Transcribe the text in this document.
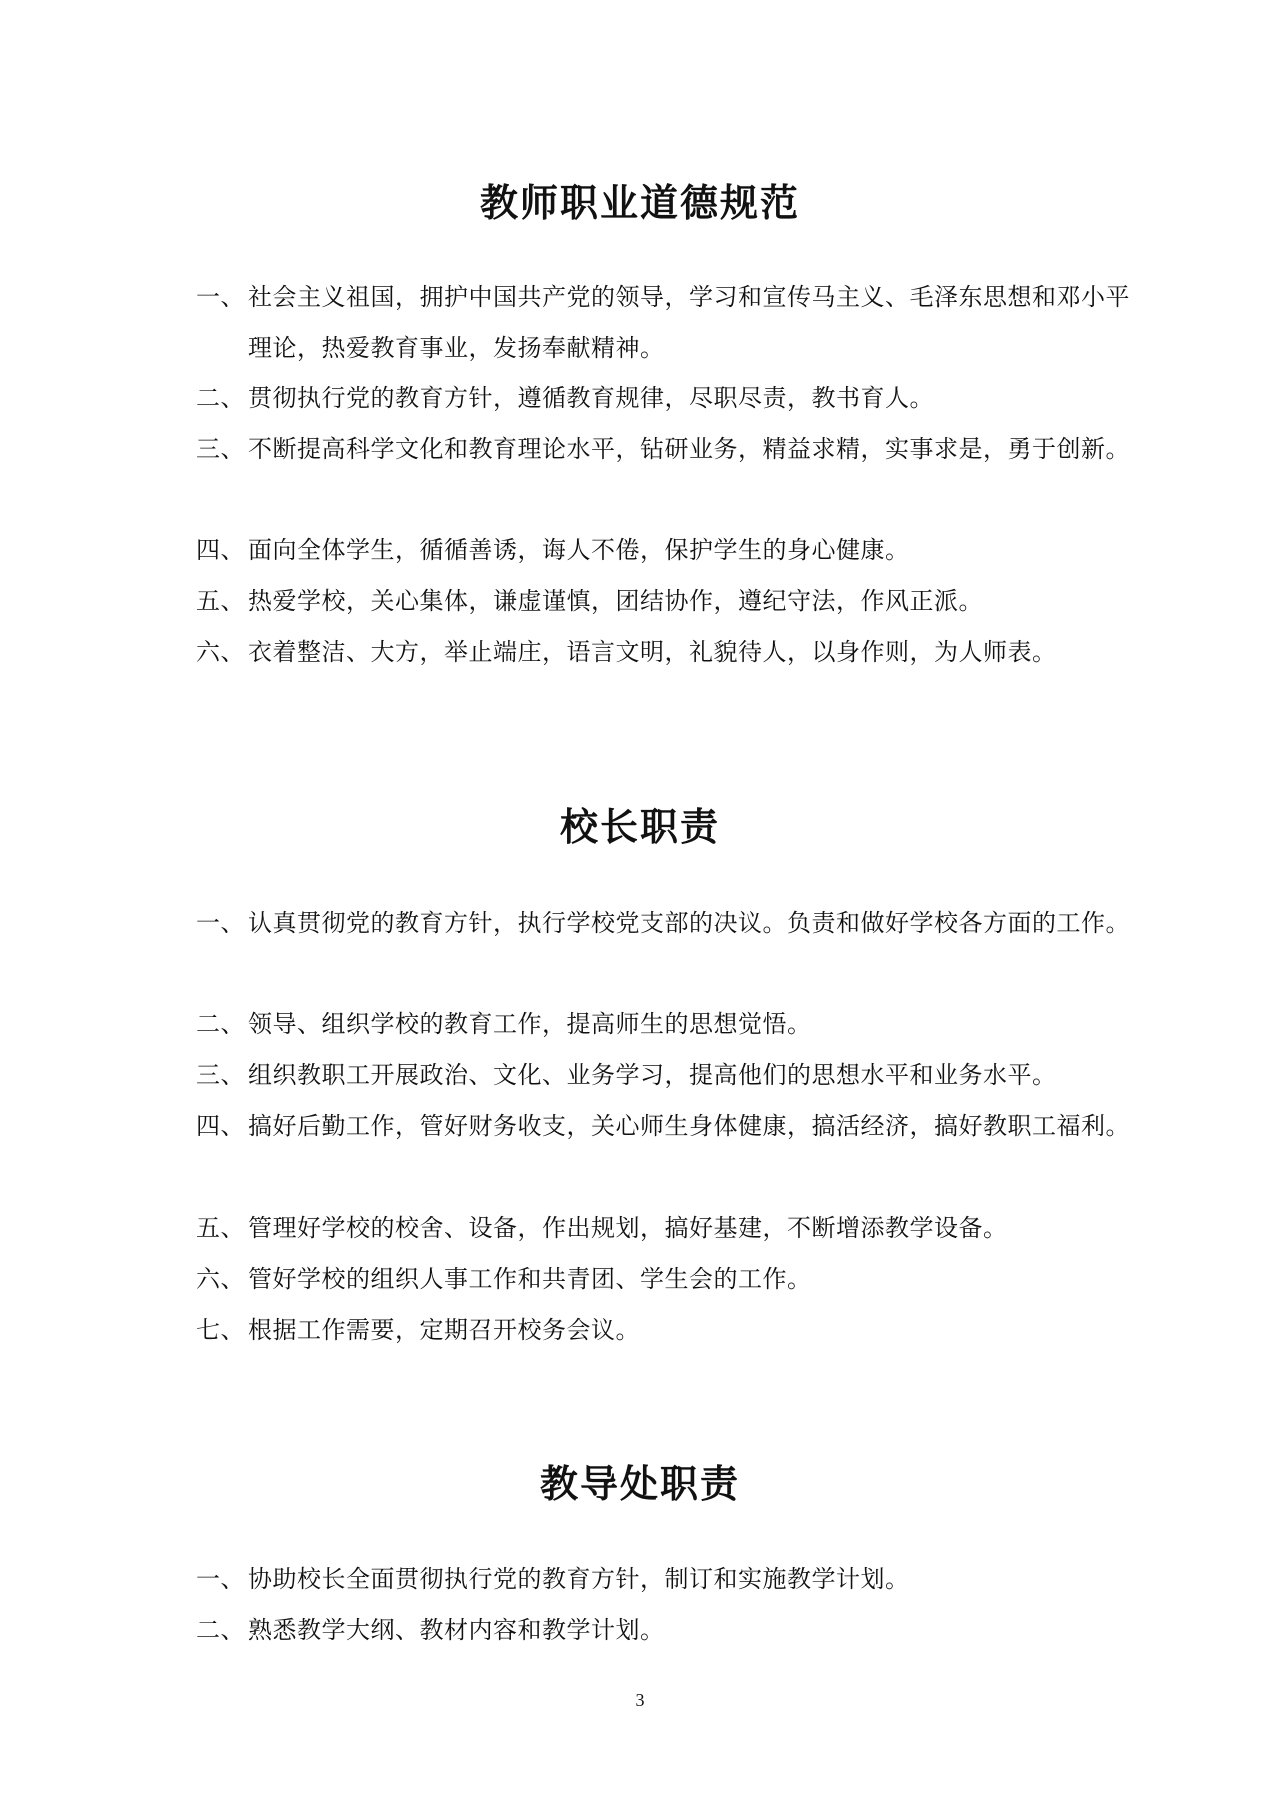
教师职业道德规范

一、 社会主义祖国，拥护中国共产党的领导，学习和宣传马主义、毛泽东思想和邓小平理论，热爱教育事业，发扬奉献精神。

二、 贯彻执行党的教育方针，遵循教育规律，尽职尽责，教书育人。

三、 不断提高科学文化和教育理论水平，钻研业务，精益求精，实事求是，勇于创新。

四、 面向全体学生，循循善诱，诲人不倦，保护学生的身心健康。

五、 热爱学校，关心集体，谦虚谨慎，团结协作，遵纪守法，作风正派。

六、 衣着整洁、大方，举止端庄，语言文明，礼貌待人，以身作则，为人师表。

校长职责

一、 认真贯彻党的教育方针，执行学校党支部的决议。负责和做好学校各方面的工作。

二、 领导、组织学校的教育工作，提高师生的思想觉悟。

三、 组织教职工开展政治、文化、业务学习，提高他们的思想水平和业务水平。

四、 搞好后勤工作，管好财务收支，关心师生身体健康，搞活经济，搞好教职工福利。

五、 管理好学校的校舍、设备，作出规划，搞好基建，不断增添教学设备。

六、 管好学校的组织人事工作和共青团、学生会的工作。

七、 根据工作需要，定期召开校务会议。

教导处职责

一、 协助校长全面贯彻执行党的教育方针，制订和实施教学计划。

二、 熟悉教学大纲、教材内容和教学计划。

3
